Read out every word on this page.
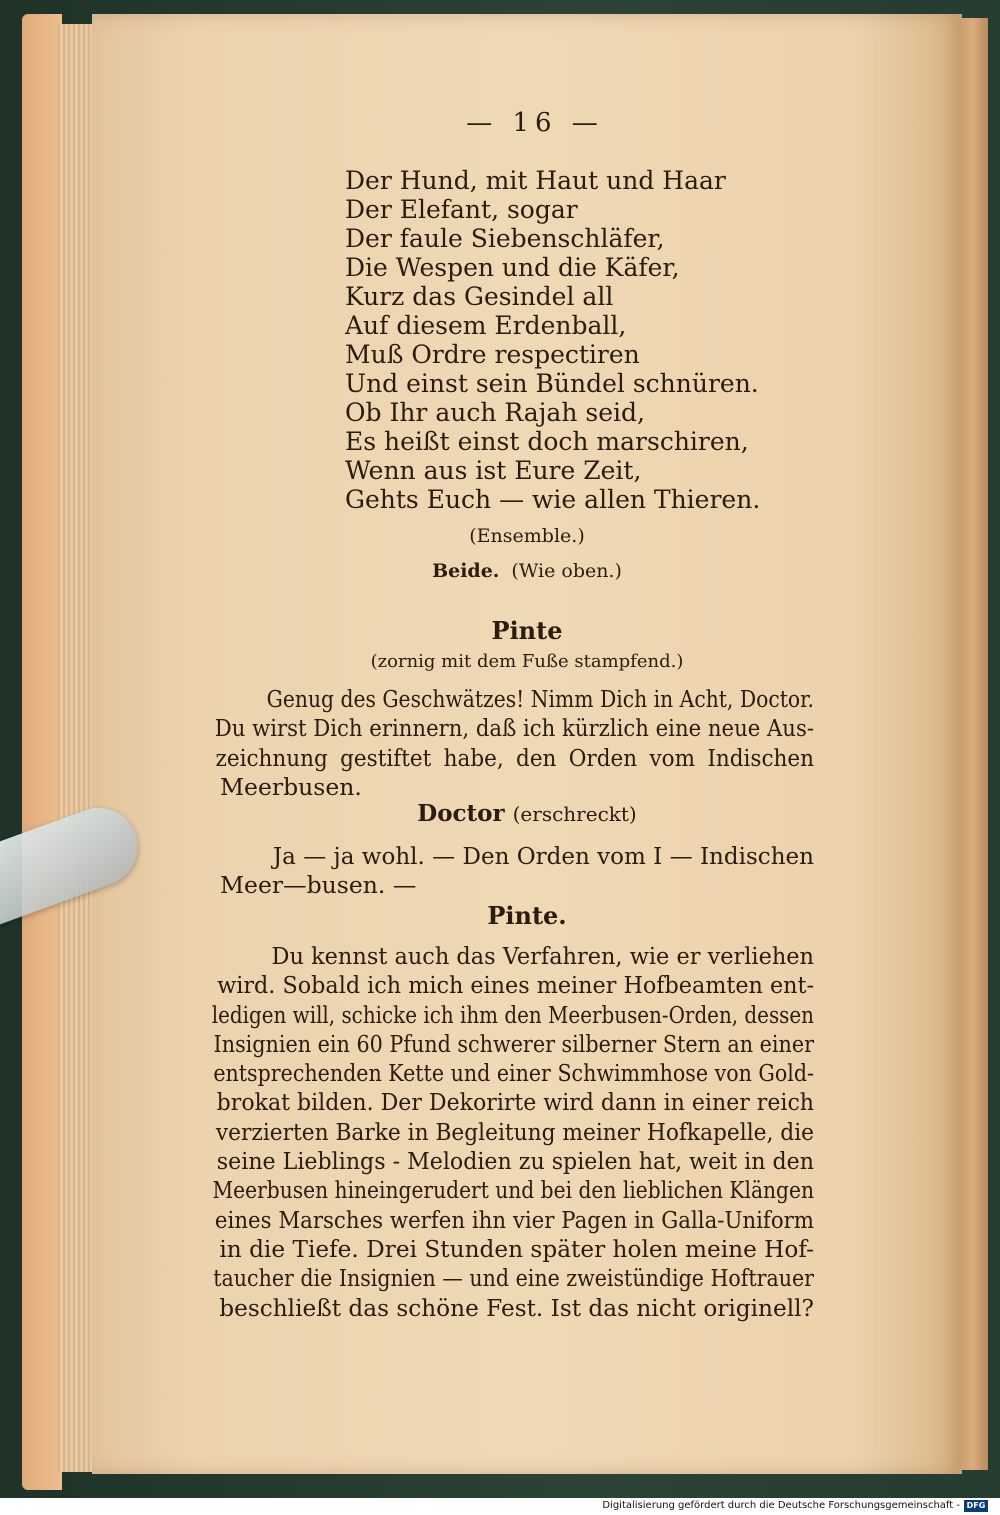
— 16 —
Der Hund, mit Haut und Haar
Der Elefant, sogar
Der faule Siebenschläfer,
Die Wespen und die Käfer,
Kurz das Gesindel all
Auf diesem Erdenball,
Muß Ordre respectiren
Und einst sein Bündel schnüren.
Ob Ihr auch Rajah seid,
Es heißt einst doch marschiren,
Wenn aus ist Eure Zeit,
Gehts Euch — wie allen Thieren.
(Ensemble.)
Beide. (Wie oben.)
Pinte
(zornig mit dem Fuße stampfend.)

Genug des Geschwätzes! Nimm Dich in Acht, Doctor.
Du wirst Dich erinnern, daß ich kürzlich eine neue Aus-
zeichnung gestiftet habe, den Orden vom Indischen
Meerbusen.

Doctor (erschreckt)

Ja — ja wohl. — Den Orden vom I — Indischen
Meer—busen. —

Pinte.

Du kennst auch das Verfahren, wie er verliehen
wird. Sobald ich mich eines meiner Hofbeamten ent-
ledigen will, schicke ich ihm den Meerbusen-Orden, dessen
Insignien ein 60 Pfund schwerer silberner Stern an einer
entsprechenden Kette und einer Schwimmhose von Gold-
brokat bilden. Der Dekorirte wird dann in einer reich
verzierten Barke in Begleitung meiner Hofkapelle, die
seine Lieblings - Melodien zu spielen hat, weit in den
Meerbusen hineingerudert und bei den lieblichen Klängen
eines Marsches werfen ihn vier Pagen in Galla-Uniform
in die Tiefe. Drei Stunden später holen meine Hof-
taucher die Insignien — und eine zweistündige Hoftrauer
beschließt das schöne Fest. Ist das nicht originell?

Digitalisierung gefördert durch die Deutsche Forschungsgemeinschaft - DFG
